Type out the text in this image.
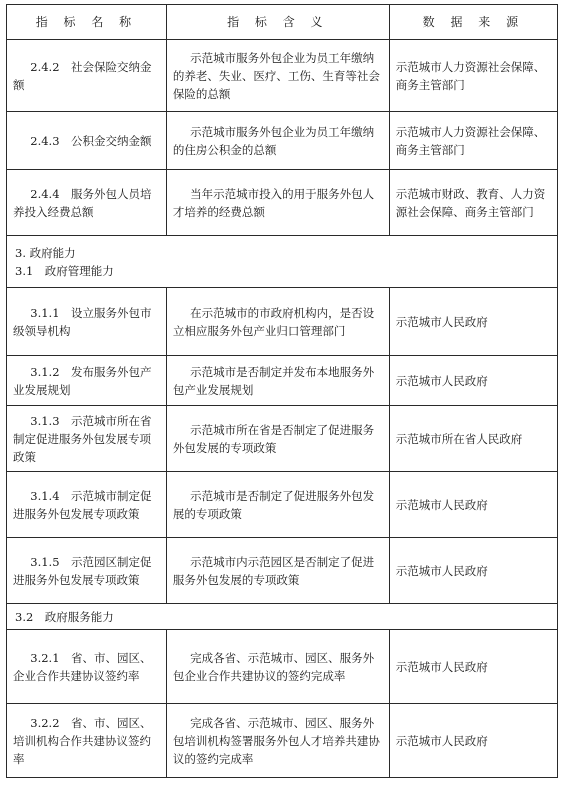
指 标 名 称	指 标 含 义	数 据 来 源
2.4.2　社会保险交纳金额	示范城市服务外包企业为员工年缴纳的养老、失业、医疗、工伤、生育等社会保险的总额	示范城市人力资源社会保障、商务主管部门
2.4.3　公积金交纳金额	示范城市服务外包企业为员工年缴纳的住房公积金的总额	示范城市人力资源社会保障、商务主管部门
2.4.4　服务外包人员培养投入经费总额	当年示范城市投入的用于服务外包人才培养的经费总额	示范城市财政、教育、人力资源社会保障、商务主管部门

3. 政府能力
3.1　政府管理能力		

3.1.1　设立服务外包市级领导机构	在示范城市的市政府机构内，是否设立相应服务外包产业归口管理部门	示范城市人民政府
3.1.2　发布服务外包产业发展规划	示范城市是否制定并发布本地服务外包产业发展规划	示范城市人民政府
3.1.3　示范城市所在省制定促进服务外包发展专项政策	示范城市所在省是否制定了促进服务外包发展的专项政策	示范城市所在省人民政府
3.1.4　示范城市制定促进服务外包发展专项政策	示范城市是否制定了促进服务外包发展的专项政策	示范城市人民政府
3.1.5　示范园区制定促进服务外包发展专项政策	示范城市内示范园区是否制定了促进服务外包发展的专项政策	示范城市人民政府
3.2　政府服务能力		
3.2.1　省、市、园区、企业合作共建协议签约率	完成各省、示范城市、园区、服务外包企业合作共建协议的签约完成率	示范城市人民政府
3.2.2　省、市、园区、培训机构合作共建协议签约率	完成各省、示范城市、园区、服务外包培训机构签署服务外包人才培养共建协议的签约完成率	示范城市人民政府
